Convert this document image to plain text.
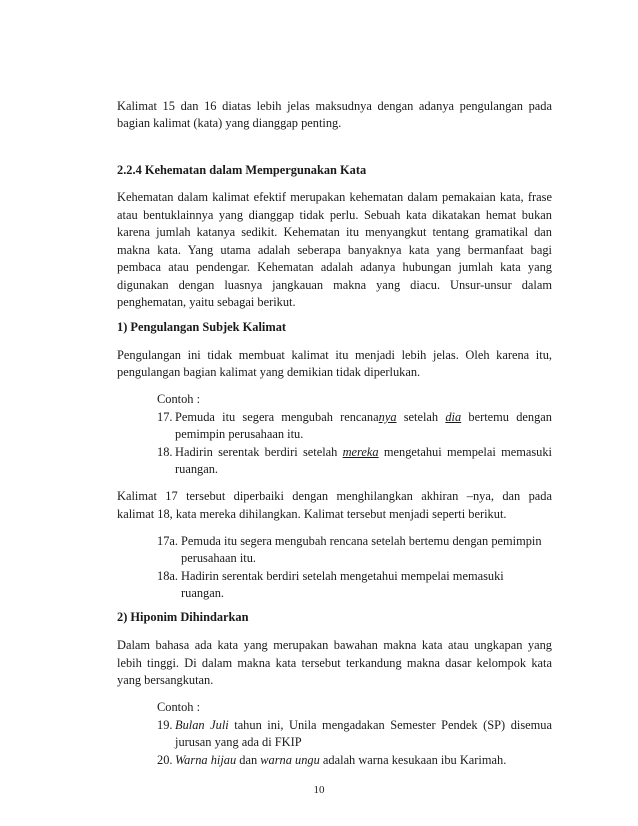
Kalimat 15 dan 16 diatas lebih jelas maksudnya dengan adanya pengulangan pada

bagian kalimat (kata) yang dianggap penting.

2.2.4 Kehematan dalam Mempergunakan Kata

Kehematan dalam kalimat efektif merupakan kehematan dalam pemakaian kata, frase

atau bentuklainnya yang dianggap tidak perlu. Sebuah kata dikatakan hemat bukan

karena jumlah katanya sedikit. Kehematan itu menyangkut tentang gramatikal dan

makna kata. Yang utama adalah seberapa banyaknya kata yang bermanfaat bagi

pembaca atau pendengar. Kehematan adalah adanya hubungan jumlah kata yang

digunakan dengan luasnya jangkauan makna yang diacu. Unsur-unsur dalam

penghematan, yaitu sebagai berikut.

1) Pengulangan Subjek Kalimat

Pengulangan ini tidak membuat kalimat itu menjadi lebih jelas. Oleh karena itu,

pengulangan bagian kalimat yang demikian tidak diperlukan.

Contoh :

17. Pemuda itu segera mengubah rencananya setelah dia bertemu dengan

pemimpin perusahaan itu.

18. Hadirin serentak berdiri setelah mereka mengetahui mempelai memasuki

ruangan.

Kalimat 17 tersebut diperbaiki dengan menghilangkan akhiran –nya, dan pada

kalimat 18, kata mereka dihilangkan. Kalimat tersebut menjadi seperti berikut.

17a. Pemuda itu segera mengubah rencana setelah bertemu dengan pemimpin

perusahaan itu.

18a. Hadirin serentak berdiri setelah mengetahui mempelai memasuki

ruangan.

2) Hiponim Dihindarkan

Dalam bahasa ada kata yang merupakan bawahan makna kata atau ungkapan yang

lebih tinggi. Di dalam makna kata tersebut terkandung makna dasar kelompok kata

yang bersangkutan.

Contoh :

19. Bulan Juli tahun ini, Unila mengadakan Semester Pendek (SP) disemua

jurusan yang ada di FKIP

20. Warna hijau dan warna ungu adalah warna kesukaan ibu Karimah.

10
